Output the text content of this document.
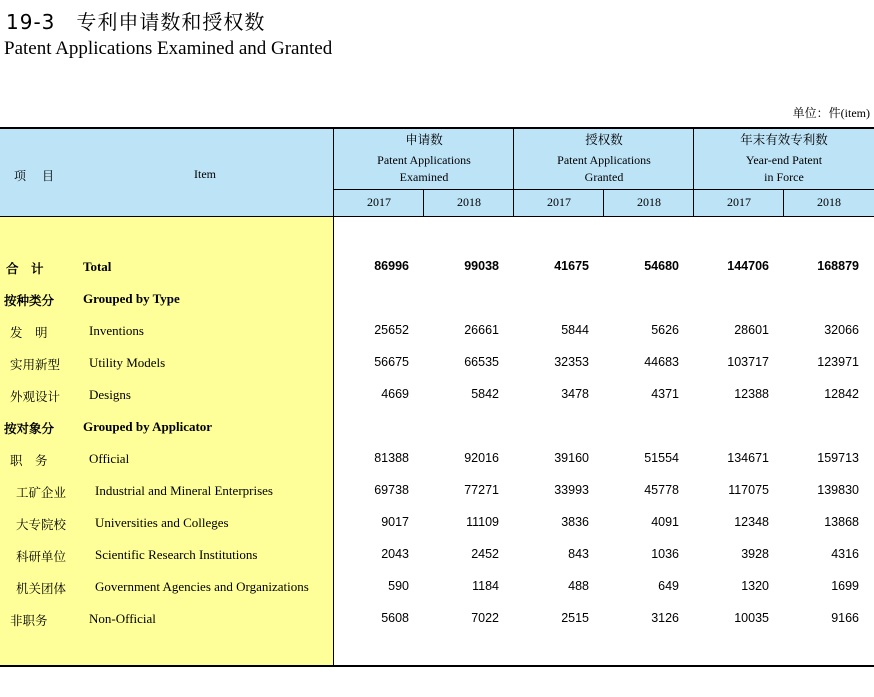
19-3　专利申请数和授权数
Patent Applications Examined and Granted
单位：件(item)
项　目	Item
申请数
Patent Applications
Examined
授权数
Patent Applications
Granted
年末有效专利数
Year-end Patent
in Force
2017	2018	2017	2018	2017	2018
合　计	Total	86996	99038	41675	54680	144706	168879
按种类分 Grouped by Type
发　明	Inventions	25652	26661	5844	5626	28601	32066
实用新型 Utility Models	56675	66535	32353	44683	103717	123971
外观设计 Designs	4669	5842	3478	4371	12388	12842
按对象分 Grouped by Applicator
职　务	Official	81388	92016	39160	51554	134671	159713
工矿企业 Industrial and Mineral Enterprises	69738	77271	33993	45778	117075	139830
大专院校 Universities and Colleges	9017	11109	3836	4091	12348	13868
科研单位 Scientific Research Institutions	2043	2452	843	1036	3928	4316
机关团体 Government Agencies and Organizations	590	1184	488	649	1320	1699
非职务	Non-Official	5608	7022	2515	3126	10035	9166
